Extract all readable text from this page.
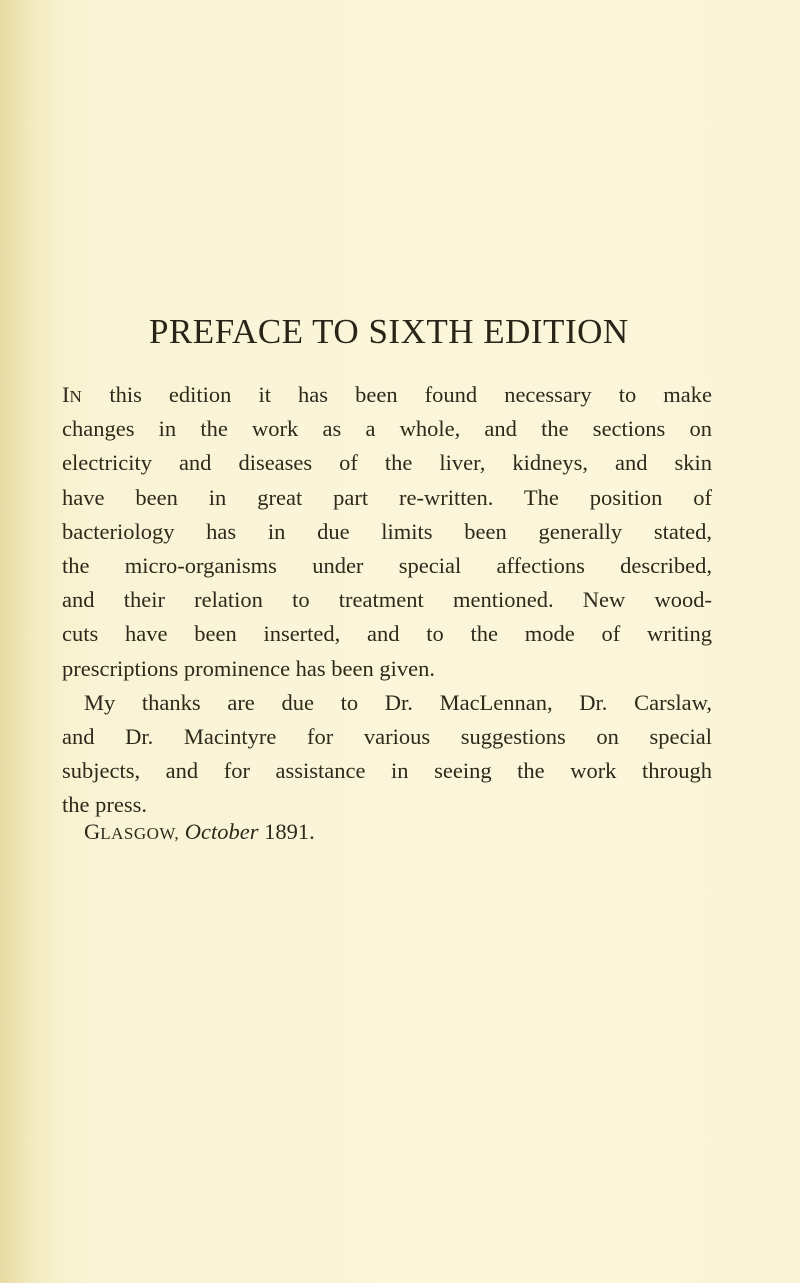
PREFACE TO SIXTH EDITION
IN this edition it has been found necessary to make
changes in the work as a whole, and the sections on
electricity and diseases of the liver, kidneys, and skin
have been in great part re-written. The position of
bacteriology has in due limits been generally stated,
the micro-organisms under special affections described,
and their relation to treatment mentioned. New wood-
cuts have been inserted, and to the mode of writing
prescriptions prominence has been given.
My thanks are due to Dr. MacLennan, Dr. Carslaw,
and Dr. Macintyre for various suggestions on special
subjects, and for assistance in seeing the work through
the press.
GLASGOW, October 1891.
